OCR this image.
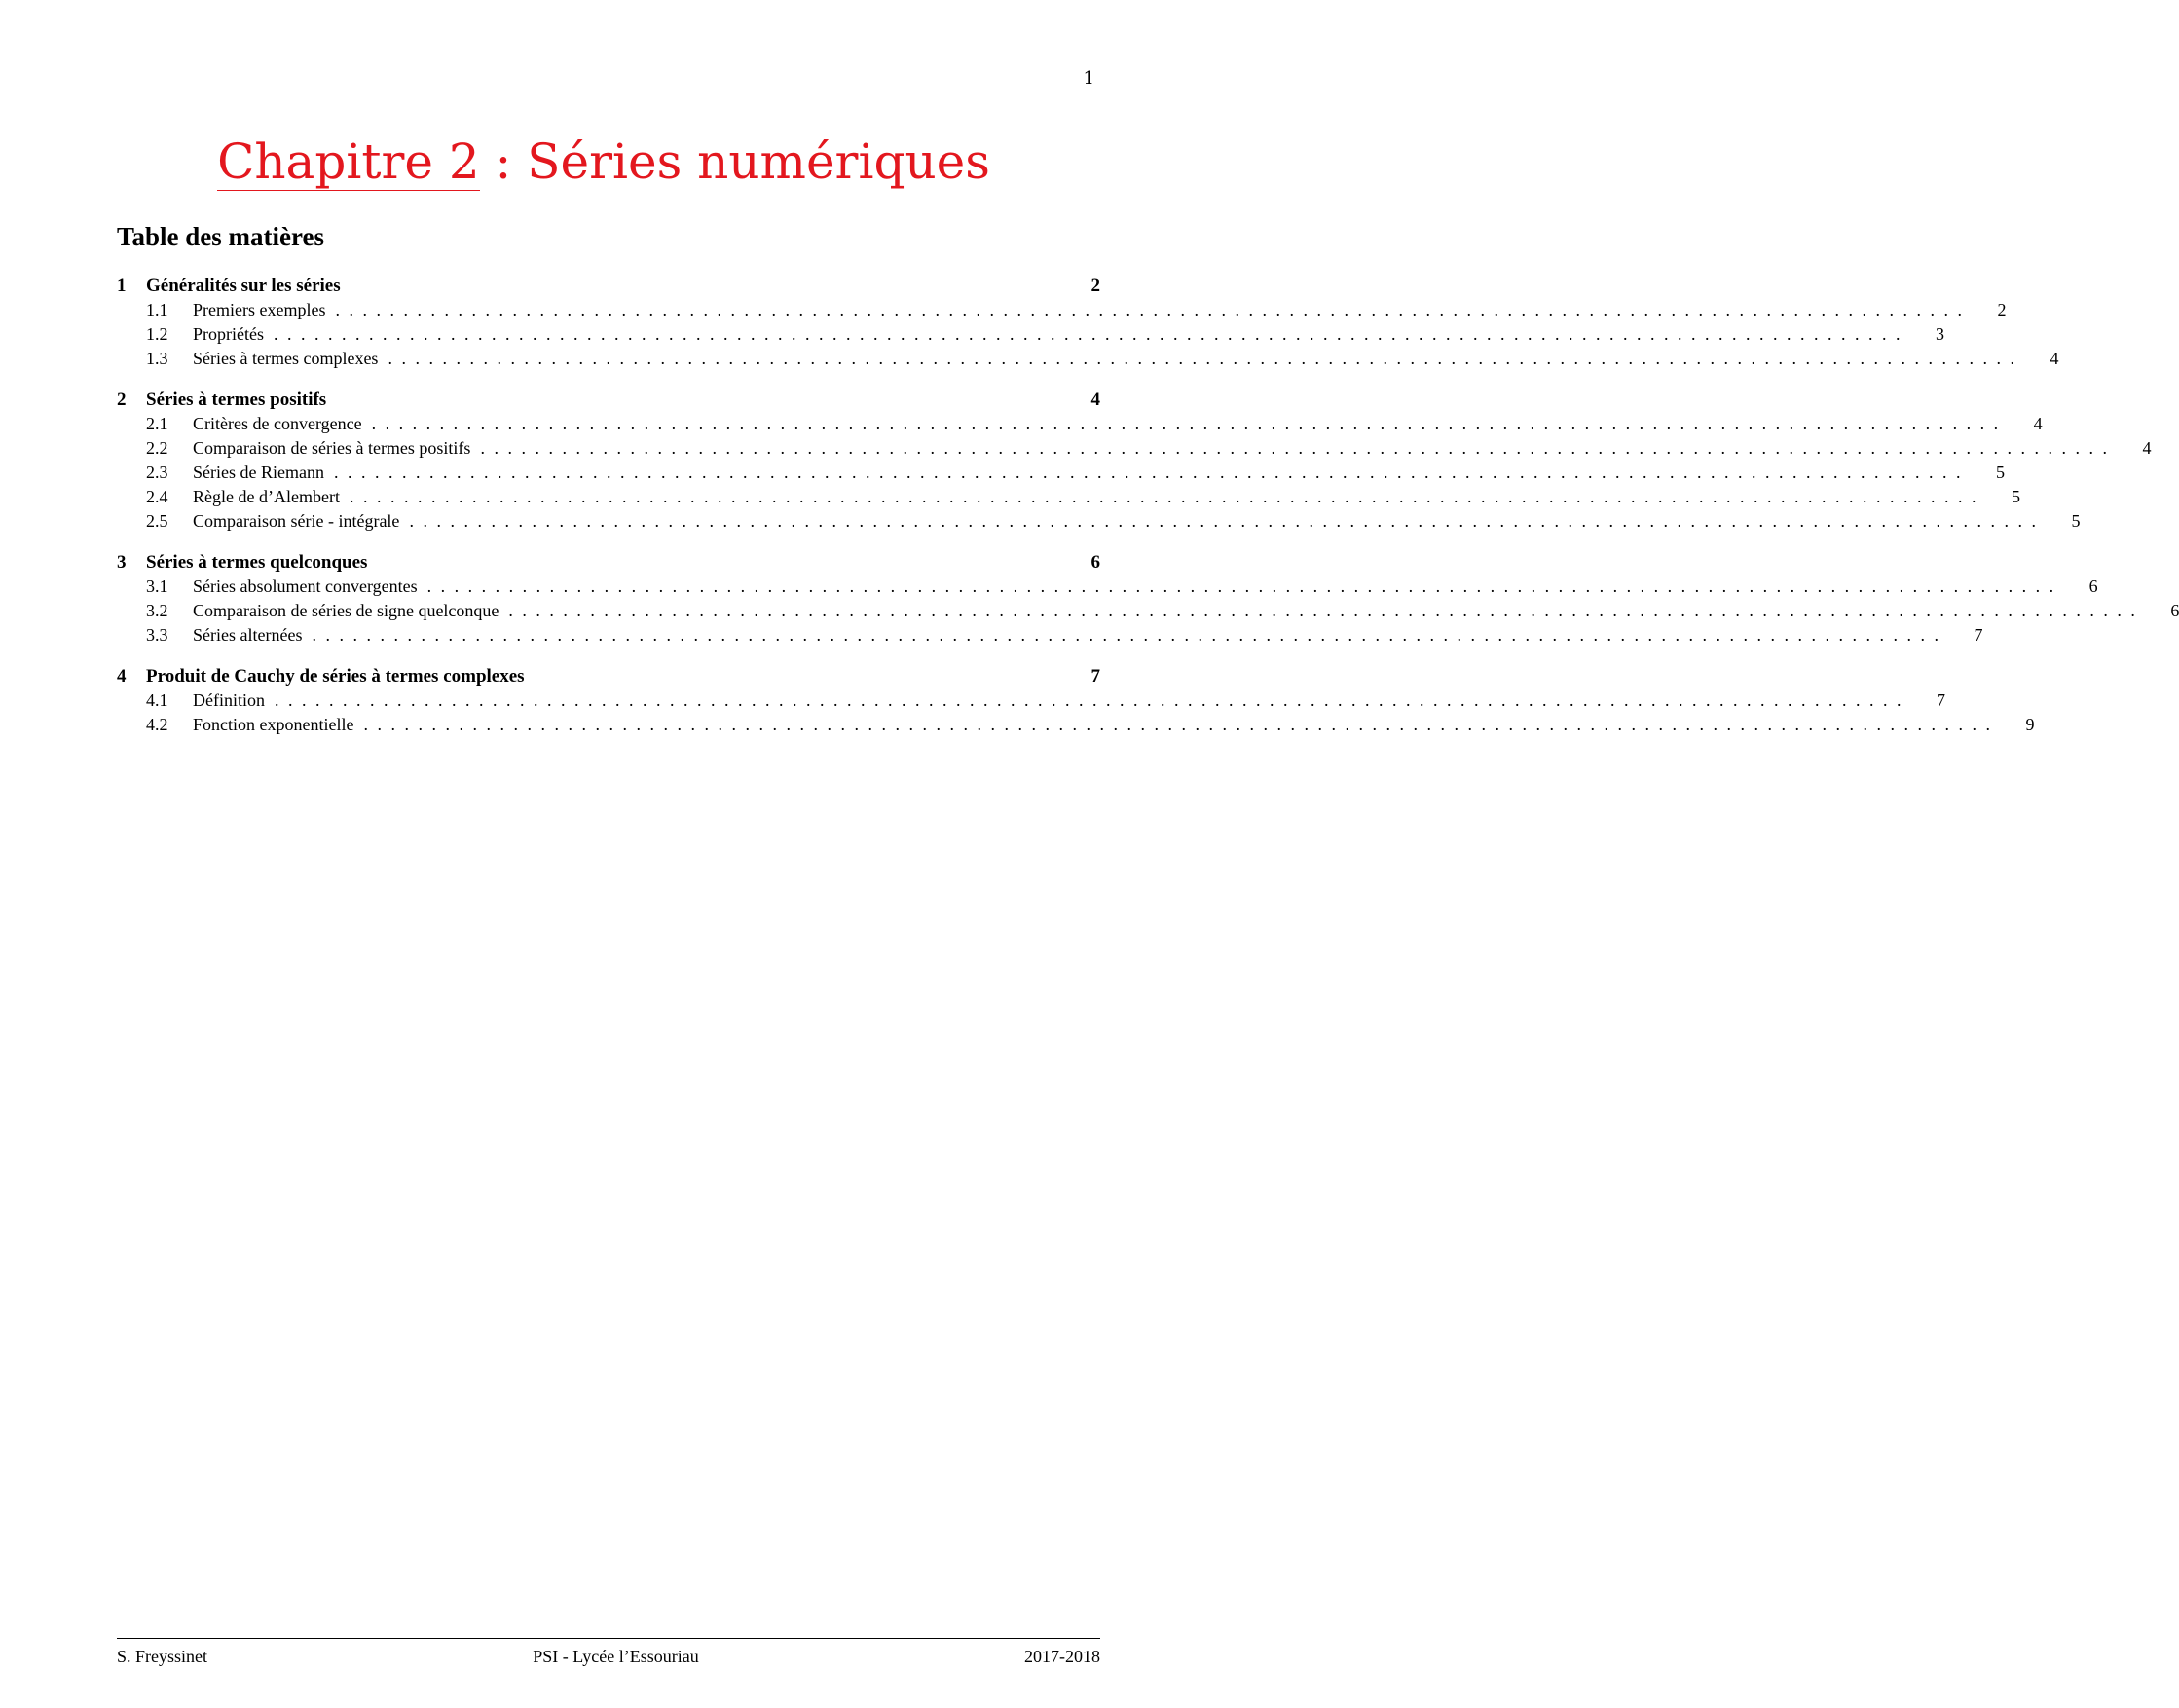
1
Chapitre 2 : Séries numériques
Table des matières
1	Généralités sur les séries	2
1.1	Premiers exemples ........................................................................................................................	2
1.2	Propriétés ........................................................................................................................	3
1.3	Séries à termes complexes ........................................................................................................................	4
2	Séries à termes positifs	4
2.1	Critères de convergence ........................................................................................................................	4
2.2	Comparaison de séries à termes positifs ........................................................................................................................	4
2.3	Séries de Riemann ........................................................................................................................	5
2.4	Règle de d’Alembert ........................................................................................................................	5
2.5	Comparaison série - intégrale ........................................................................................................................	5
3	Séries à termes quelconques	6
3.1	Séries absolument convergentes ........................................................................................................................	6
3.2	Comparaison de séries de signe quelconque ........................................................................................................................	6
3.3	Séries alternées ........................................................................................................................	7
4	Produit de Cauchy de séries à termes complexes	7
4.1	Définition ........................................................................................................................	7
4.2	Fonction exponentielle ........................................................................................................................	9
S. Freyssinet	PSI - Lycée l’Essouriau	2017-2018
